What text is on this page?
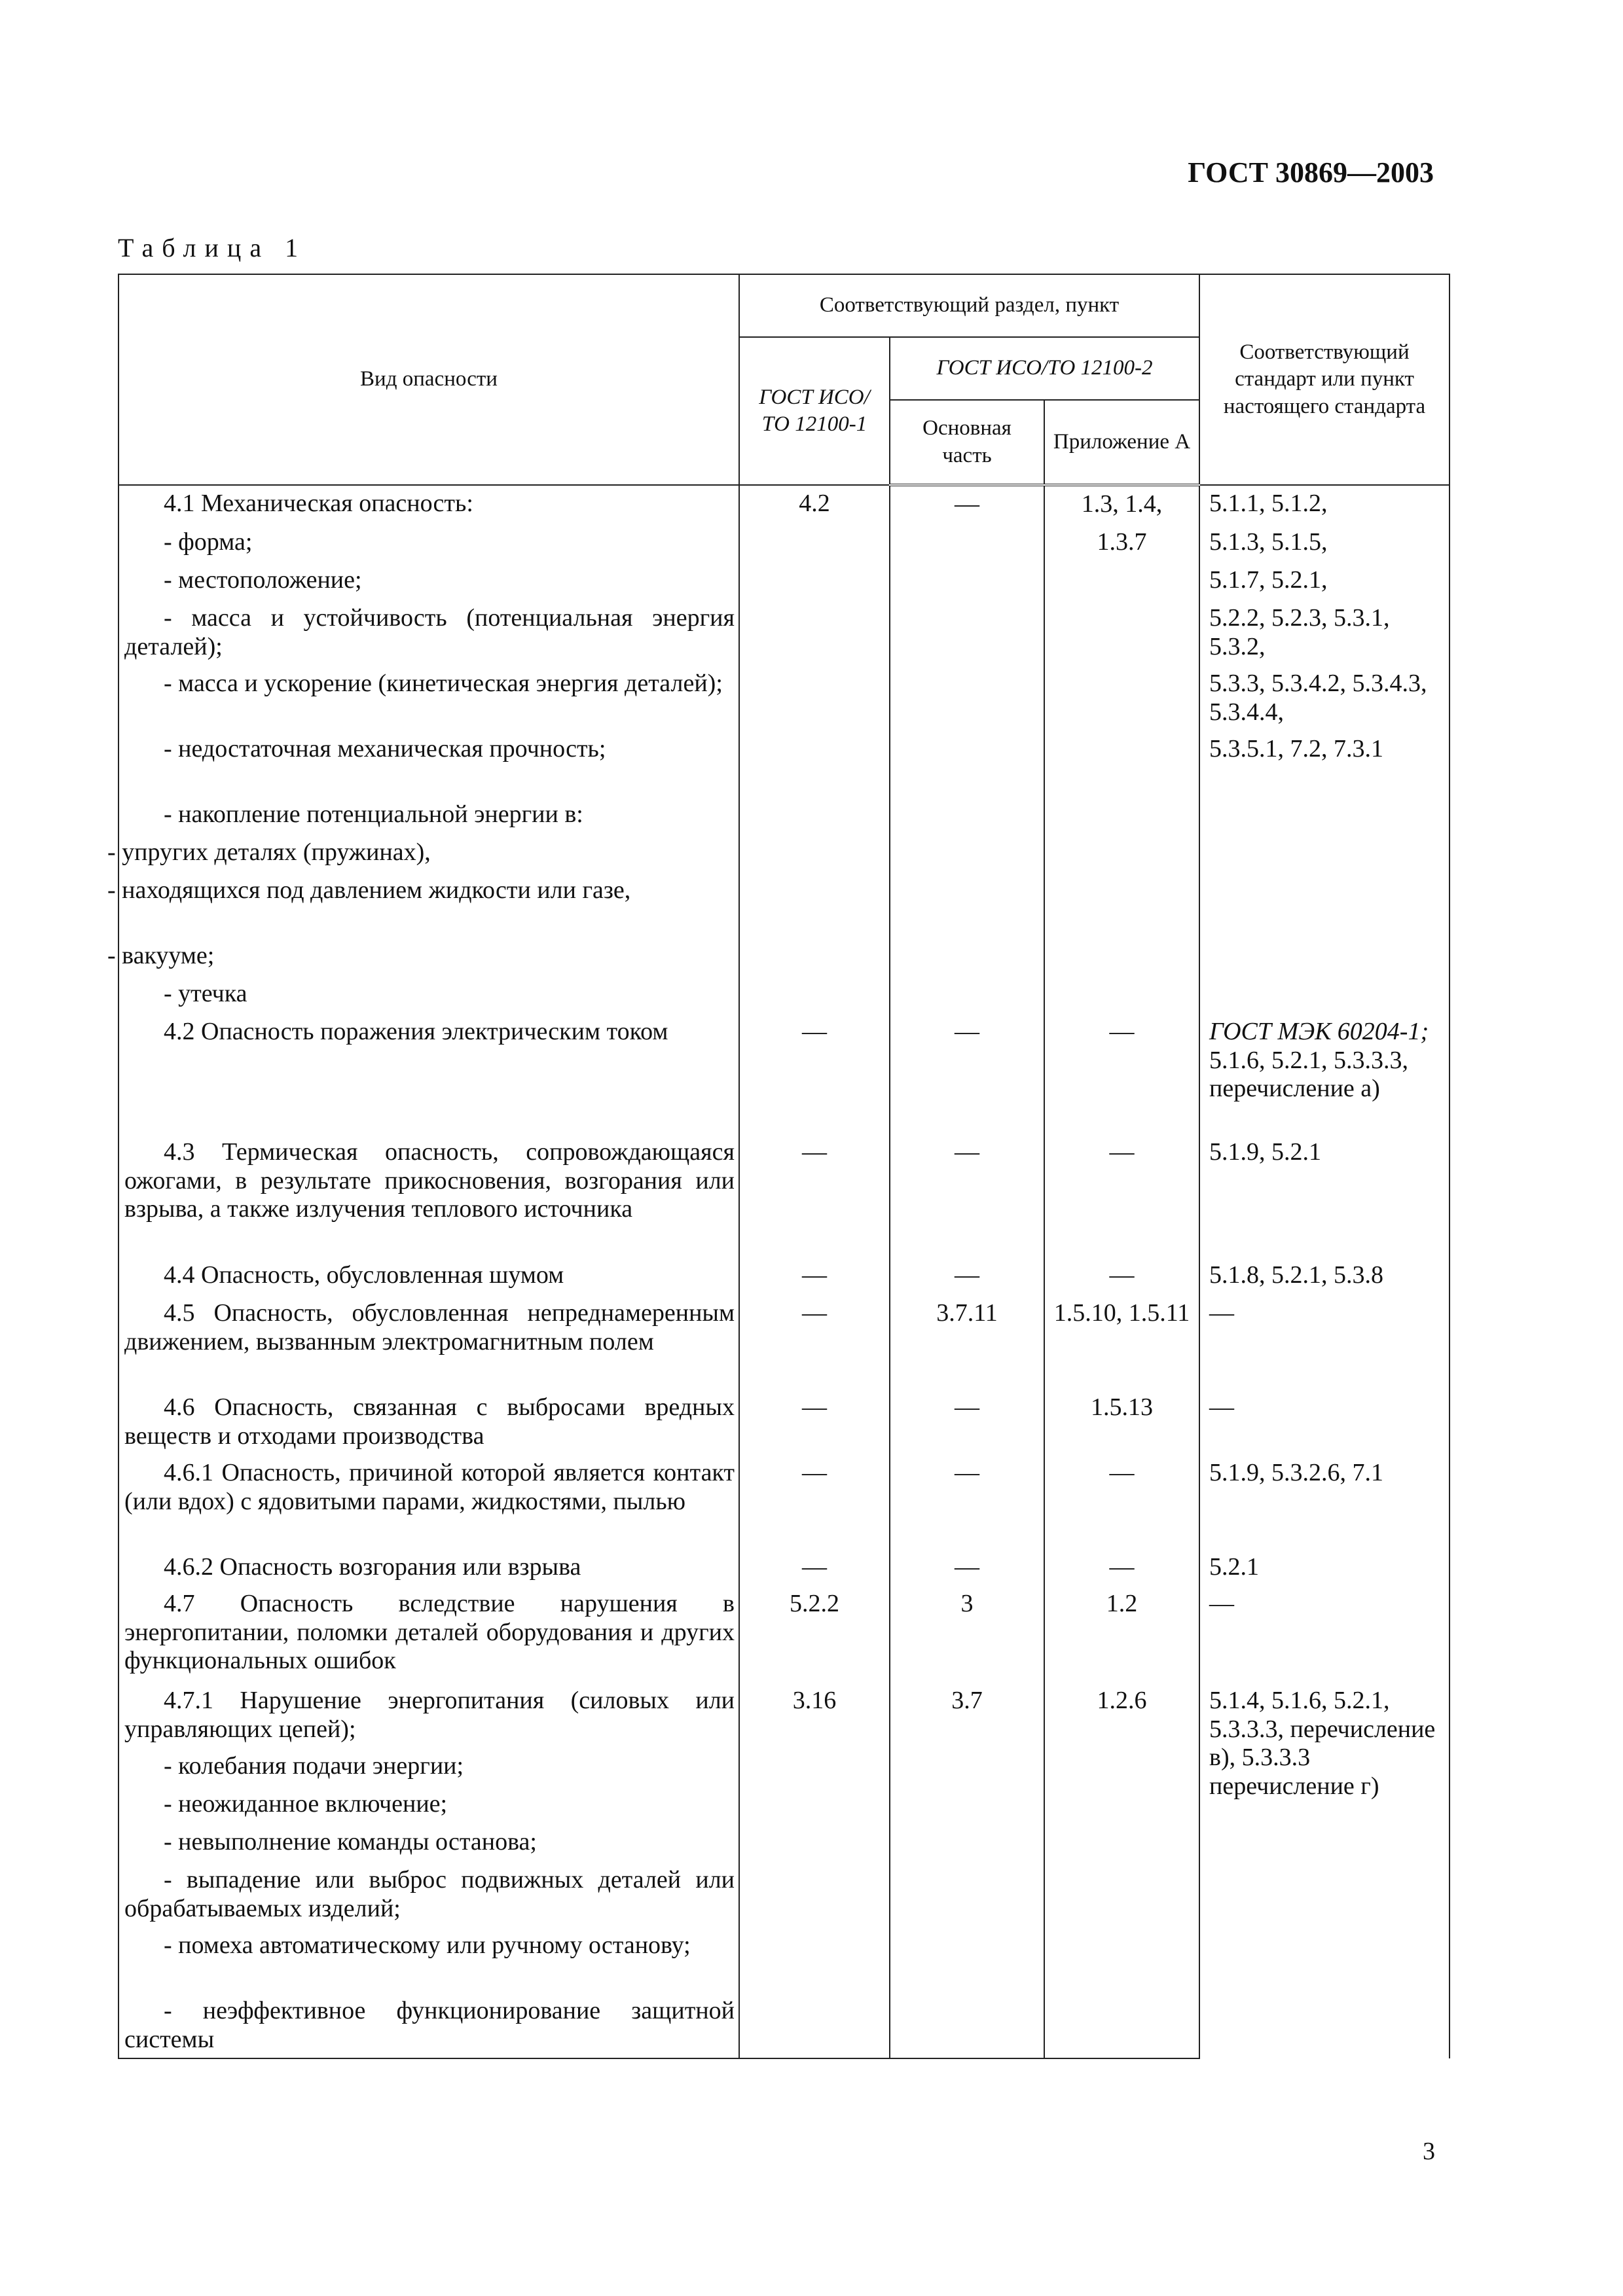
ГОСТ 30869—2003
Таблица 1
Вид опасности	Соответствующий раздел, пункт			Соответствующий стандарт или пункт настоящего стандарта
	ГОСТ ИСО/ТО 12100-1	ГОСТ ИСО/ТО 12100-2		
		Основная часть	Приложение А	
4.1 Механическая опасность:	4.2	—	1.3, 1.4,	5.1.1, 5.1.2,
- форма;			1.3.7	5.1.3, 5.1.5,
- местоположение;				5.1.7, 5.2.1,
- масса и устойчивость (потенциальная энергия деталей);				5.2.2, 5.2.3, 5.3.1, 5.3.2,
- масса и ускорение (кинетическая энергия деталей);				5.3.3, 5.3.4.2, 5.3.4.3, 5.3.4.4,
- недостаточная механическая прочность;				5.3.5.1, 7.2, 7.3.1
- накопление потенциальной энергии в:				
- упругих деталях (пружинах),				
- находящихся под давлением жидкости или газе,				
- вакууме;				
- утечка				
4.2 Опасность поражения электрическим током	—	—	—	ГОСТ МЭК 60204-1; 5.1.6, 5.2.1, 5.3.3.3, перечисление а)
4.3 Термическая опасность, сопровождающаяся ожогами, в результате прикосновения, возгорания или взрыва, а также излучения теплового источника	—	—	—	5.1.9, 5.2.1
4.4 Опасность, обусловленная шумом	—	—	—	5.1.8, 5.2.1, 5.3.8
4.5 Опасность, обусловленная непреднамеренным движением, вызванным электромагнитным полем	—	3.7.11	1.5.10, 1.5.11	—
4.6 Опасность, связанная с выбросами вредных веществ и отходами производства	—	—	1.5.13	—
4.6.1 Опасность, причиной которой является контакт (или вдох) с ядовитыми парами, жидкостями, пылью	—	—	—	5.1.9, 5.3.2.6, 7.1
4.6.2 Опасность возгорания или взрыва	—	—	—	5.2.1
4.7 Опасность вследствие нарушения в энергопитании, поломки деталей оборудования и других функциональных ошибок	5.2.2	3	1.2	—
4.7.1 Нарушение энергопитания (силовых или управляющих цепей);	3.16	3.7	1.2.6	5.1.4, 5.1.6, 5.2.1, 5.3.3.3, перечисление в), 5.3.3.3 перечисление г)
- колебания подачи энергии;				
- неожиданное включение;				
- невыполнение команды останова;				
- выпадение или выброс подвижных деталей или обрабатываемых изделий;				
- помеха автоматическому или ручному останову;				
- неэффективное функционирование защитной системы				
3
